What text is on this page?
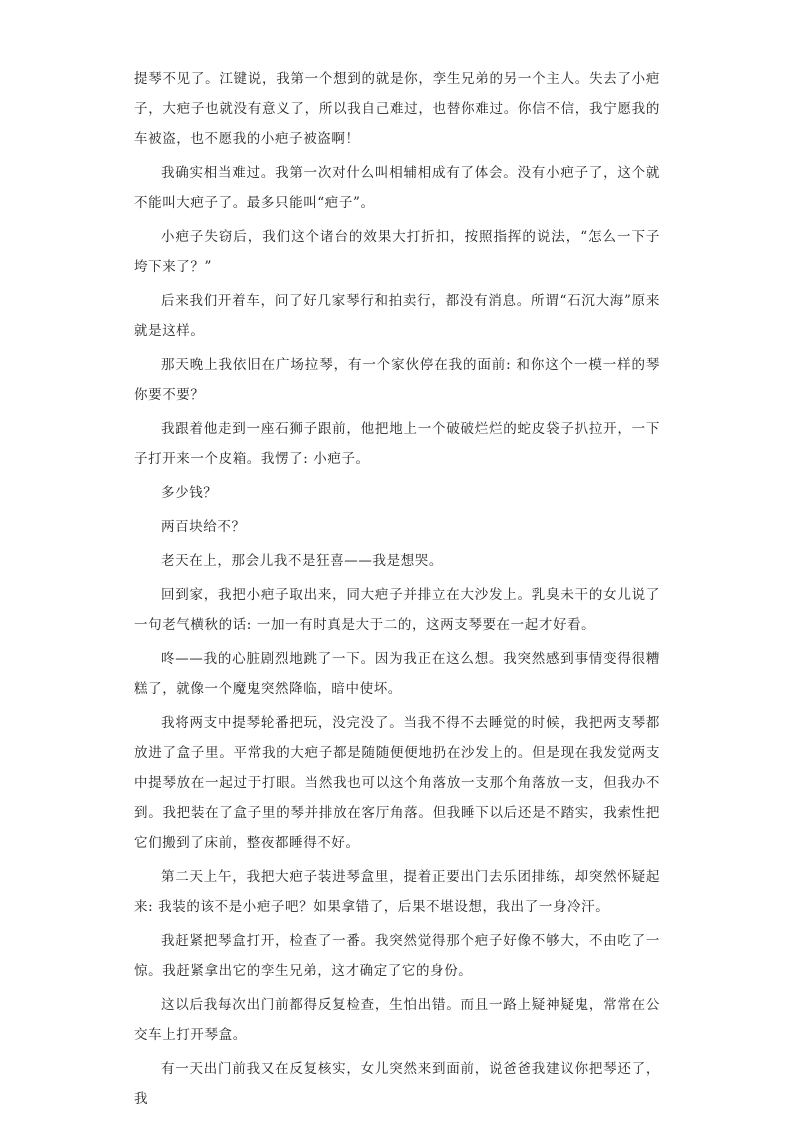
提琴不见了。江键说，我第一个想到的就是你，孪生兄弟的另一个主人。失去了小疤子，大疤子也就没有意义了，所以我自己难过，也替你难过。你信不信，我宁愿我的车被盗，也不愿我的小疤子被盗啊！

我确实相当难过。我第一次对什么叫相辅相成有了体会。没有小疤子了，这个就不能叫大疤子了。最多只能叫“疤子”。

小疤子失窃后，我们这个诸台的效果大打折扣，按照指挥的说法，“怎么一下子垮下来了？”

后来我们开着车，问了好几家琴行和拍卖行，都没有消息。所谓“石沉大海”原来就是这样。

那天晚上我依旧在广场拉琴，有一个家伙停在我的面前: 和你这个一模一样的琴你要不要？

我跟着他走到一座石狮子跟前，他把地上一个破破烂烂的蛇皮袋子扒拉开，一下子打开来一个皮箱。我愣了: 小疤子。

多少钱？

两百块给不？

老天在上，那会儿我不是狂喜——我是想哭。

回到家，我把小疤子取出来，同大疤子并排立在大沙发上。乳臭未干的女儿说了一句老气横秋的话: 一加一有时真是大于二的，这两支琴要在一起才好看。

咚——我的心脏剧烈地跳了一下。因为我正在这么想。我突然感到事情变得很糟糕了，就像一个魔鬼突然降临，暗中使坏。

我将两支中提琴轮番把玩，没完没了。当我不得不去睡觉的时候，我把两支琴都放进了盒子里。平常我的大疤子都是随随便便地扔在沙发上的。但是现在我发觉两支中提琴放在一起过于打眼。当然我也可以这个角落放一支那个角落放一支，但我办不到。我把装在了盒子里的琴并排放在客厅角落。但我睡下以后还是不踏实，我索性把它们搬到了床前，整夜都睡得不好。

第二天上午，我把大疤子装进琴盒里，提着正要出门去乐团排练，却突然怀疑起来: 我装的该不是小疤子吧？如果拿错了，后果不堪设想，我出了一身冷汗。

我赶紧把琴盒打开，检查了一番。我突然觉得那个疤子好像不够大，不由吃了一惊。我赶紧拿出它的孪生兄弟，这才确定了它的身份。

这以后我每次出门前都得反复检查，生怕出错。而且一路上疑神疑鬼，常常在公交车上打开琴盒。

有一天出门前我又在反复核实，女儿突然来到面前，说爸爸我建议你把琴还了，我
